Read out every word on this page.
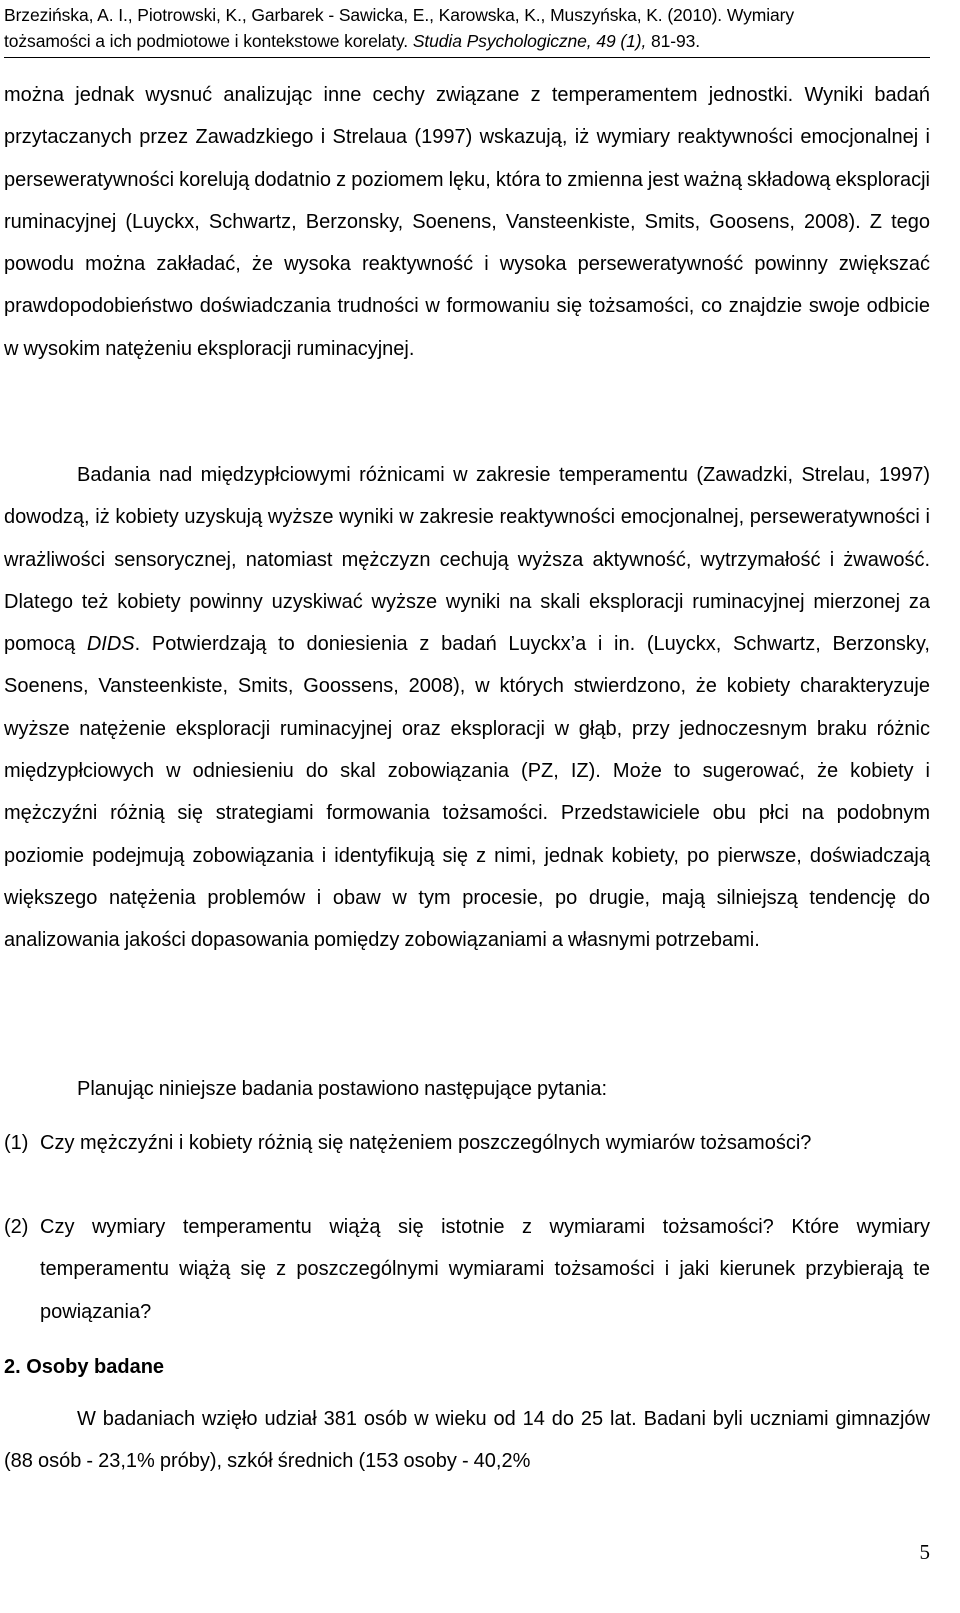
Brzezińska, A. I., Piotrowski, K., Garbarek - Sawicka, E., Karowska, K., Muszyńska, K. (2010). Wymiary
tożsamości a ich podmiotowe i kontekstowe korelaty. Studia Psychologiczne, 49 (1), 81-93.
można jednak wysnuć analizując inne cechy związane z temperamentem jednostki. Wyniki badań przytaczanych przez Zawadzkiego i Strelaua (1997) wskazują, iż wymiary reaktywności emocjonalnej i perseweratywności korelują dodatnio z poziomem lęku, która to zmienna jest ważną składową eksploracji ruminacyjnej (Luyckx, Schwartz, Berzonsky, Soenens, Vansteenkiste, Smits, Goosens, 2008). Z tego powodu można zakładać, że wysoka reaktywność i wysoka perseweratywność powinny zwiększać prawdopodobieństwo doświadczania trudności w formowaniu się tożsamości, co znajdzie swoje odbicie w wysokim natężeniu eksploracji ruminacyjnej.
Badania nad międzypłciowymi różnicami w zakresie temperamentu (Zawadzki, Strelau, 1997) dowodzą, iż kobiety uzyskują wyższe wyniki w zakresie reaktywności emocjonalnej, perseweratywności i wrażliwości sensorycznej, natomiast mężczyzn cechują wyższa aktywność, wytrzymałość i żwawość. Dlatego też kobiety powinny uzyskiwać wyższe wyniki na skali eksploracji ruminacyjnej mierzonej za pomocą DIDS. Potwierdzają to doniesienia z badań Luyckx’a i in. (Luyckx, Schwartz, Berzonsky, Soenens, Vansteenkiste, Smits, Goossens, 2008), w których stwierdzono, że kobiety charakteryzuje wyższe natężenie eksploracji ruminacyjnej oraz eksploracji w głąb, przy jednoczesnym braku różnic międzypłciowych w odniesieniu do skal zobowiązania (PZ, IZ). Może to sugerować, że kobiety i mężczyźni różnią się strategiami formowania tożsamości. Przedstawiciele obu płci na podobnym poziomie podejmują zobowiązania i identyfikują się z nimi, jednak kobiety, po pierwsze, doświadczają większego natężenia problemów i obaw w tym procesie, po drugie, mają silniejszą tendencję do analizowania jakości dopasowania pomiędzy zobowiązaniami a własnymi potrzebami.
Planując niniejsze badania postawiono następujące pytania:
(1) Czy mężczyźni i kobiety różnią się natężeniem poszczególnych wymiarów tożsamości?
(2) Czy wymiary temperamentu wiążą się istotnie z wymiarami tożsamości? Które wymiary temperamentu wiążą się z poszczególnymi wymiarami tożsamości i jaki kierunek przybierają te powiązania?
2. Osoby badane
W badaniach wzięło udział 381 osób w wieku od 14 do 25 lat. Badani byli uczniami gimnazjów (88 osób - 23,1% próby), szkół średnich (153 osoby - 40,2%
5
